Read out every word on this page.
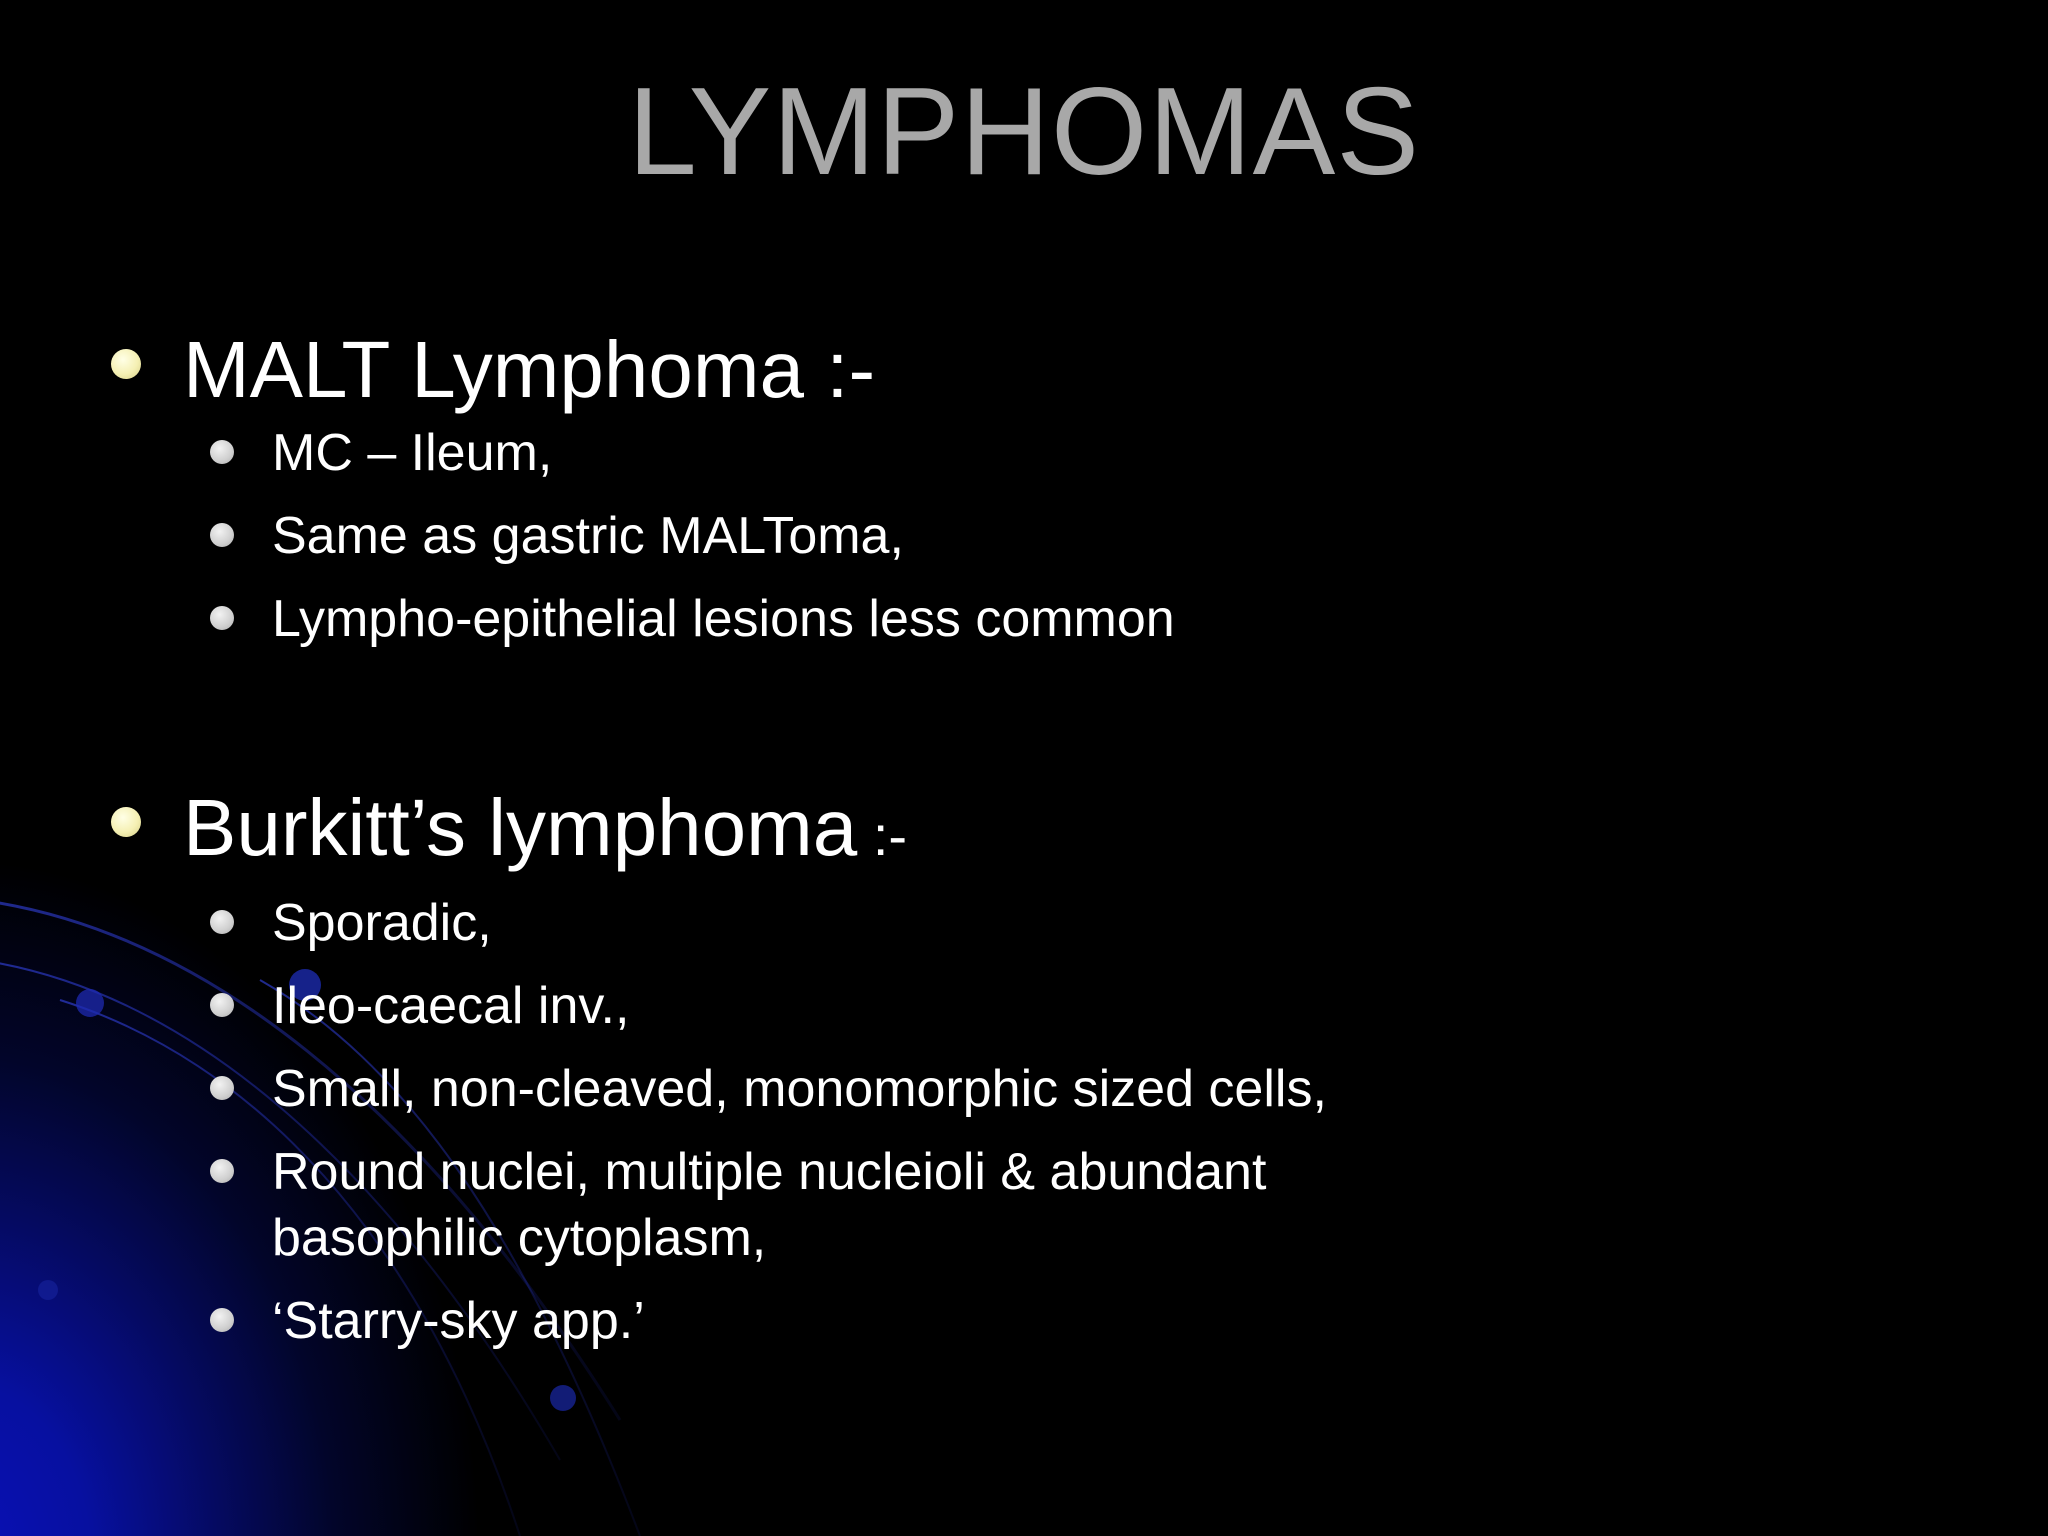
LYMPHOMAS
MALT Lymphoma :-
MC – Ileum,
Same as gastric MALToma,
Lympho-epithelial lesions less common
Burkitt’s lymphoma :-
Sporadic,
Ileo-caecal inv.,
Small, non-cleaved, monomorphic sized cells,
Round nuclei, multiple nucleioli & abundant basophilic cytoplasm,
‘Starry-sky app.’
